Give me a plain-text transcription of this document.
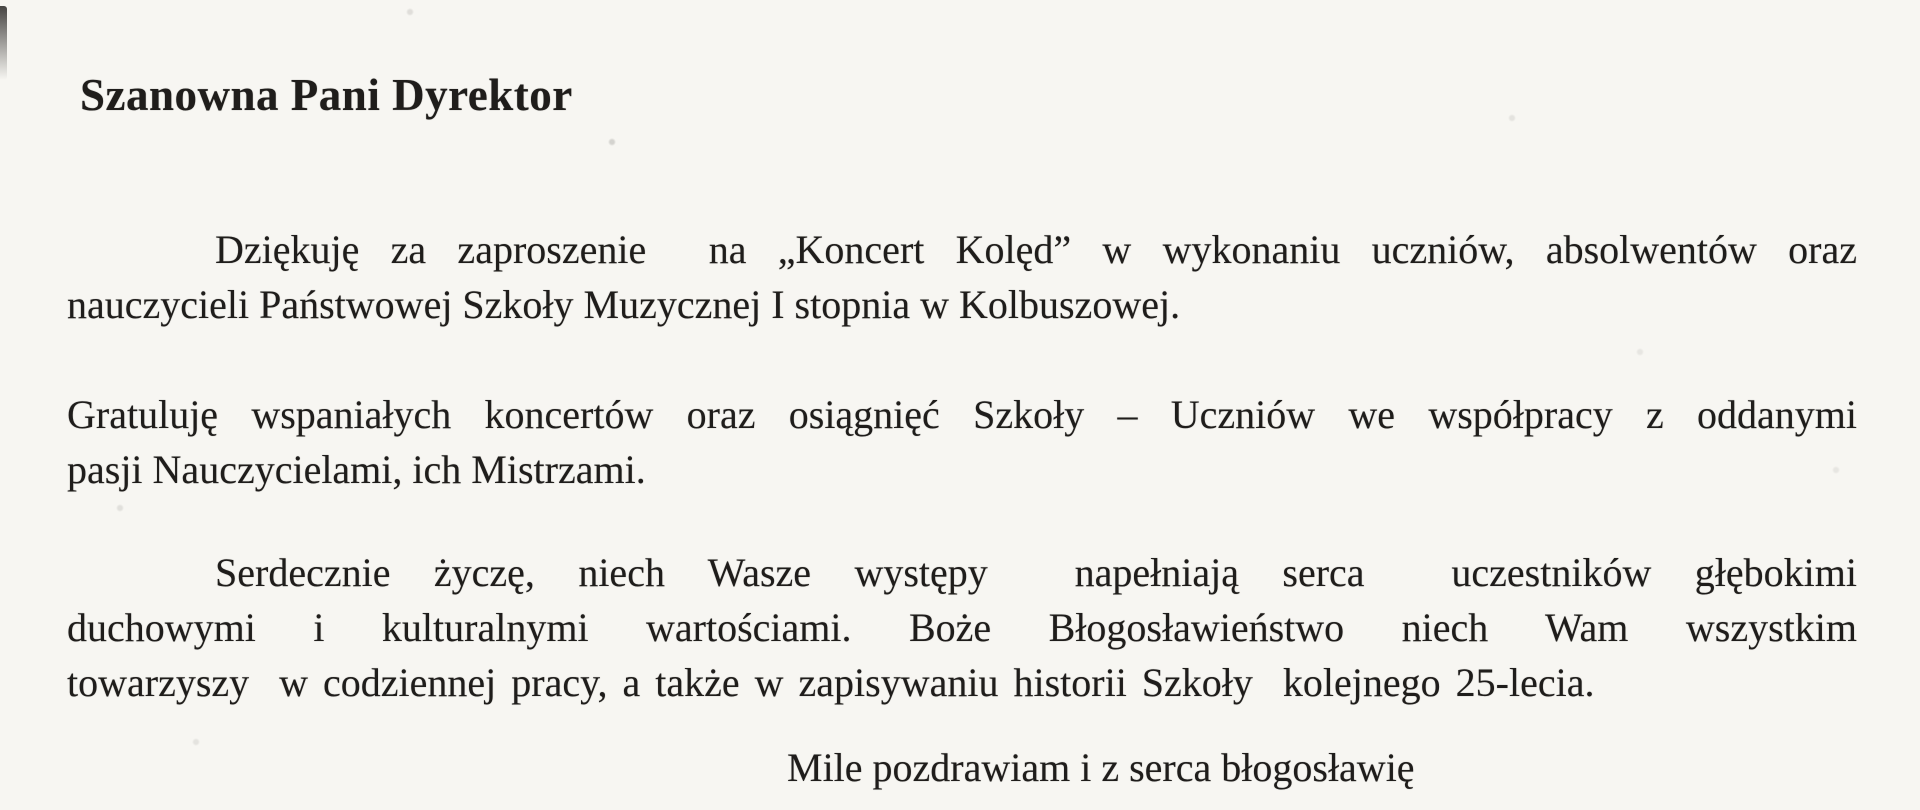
Szanowna Pani Dyrektor
Dziękuję za zaproszenie  na „Koncert Kolęd” w wykonaniu uczniów, absolwentów oraz
nauczycieli Państwowej Szkoły Muzycznej I stopnia w Kolbuszowej.
Gratuluję wspaniałych koncertów oraz osiągnięć Szkoły – Uczniów we współpracy z oddanymi
pasji Nauczycielami, ich Mistrzami.
Serdecznie życzę, niech Wasze występy  napełniają serca  uczestników głębokimi
duchowymi i kulturalnymi wartościami. Boże Błogosławieństwo niech Wam wszystkim
towarzyszy  w codziennej pracy, a także w zapisywaniu historii Szkoły  kolejnego 25-lecia.
Mile pozdrawiam i z serca błogosławię
